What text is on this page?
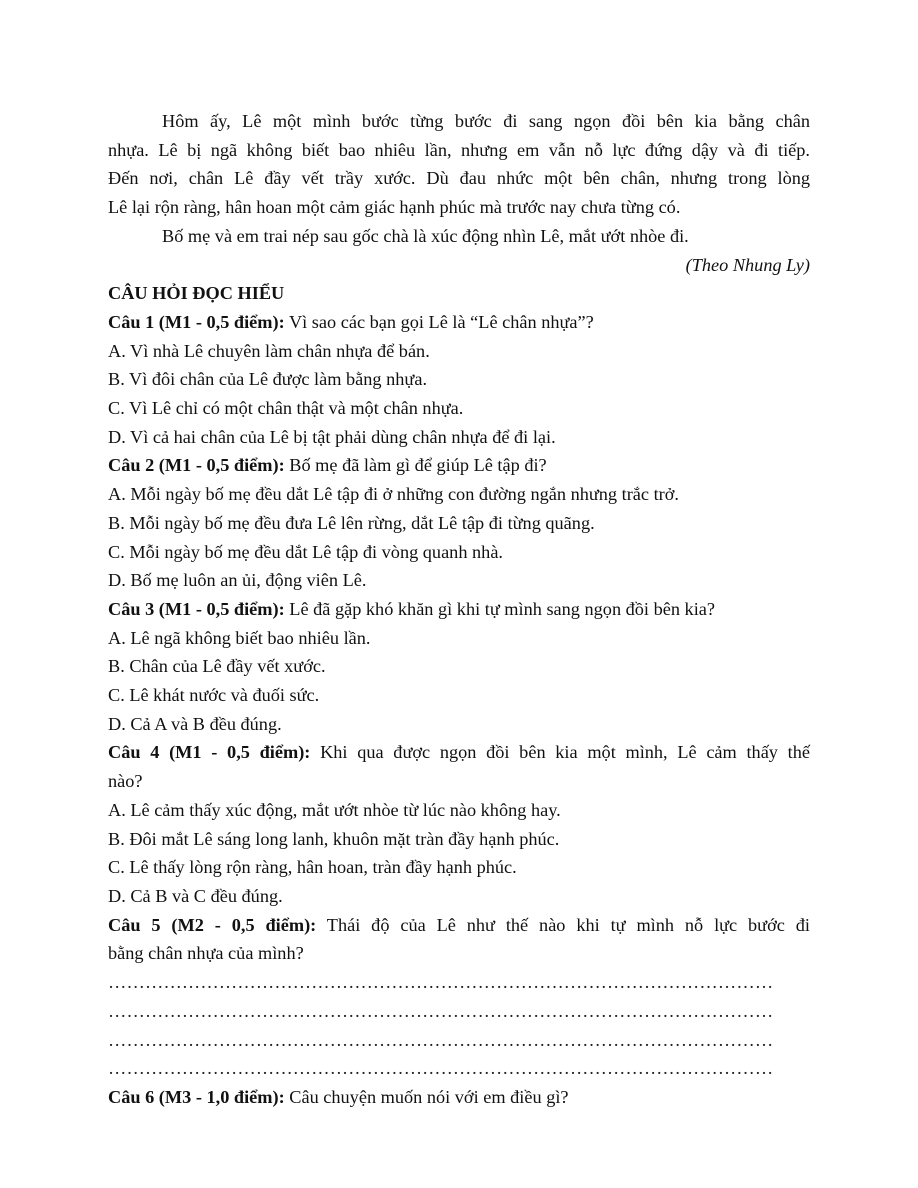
Hôm ấy, Lê một mình bước từng bước đi sang ngọn đồi bên kia bằng chân
nhựa. Lê bị ngã không biết bao nhiêu lần, nhưng em vẫn nỗ lực đứng dậy và đi tiếp.
Đến nơi, chân Lê đầy vết trầy xước. Dù đau nhức một bên chân, nhưng trong lòng
Lê lại rộn ràng, hân hoan một cảm giác hạnh phúc mà trước nay chưa từng có.
Bố mẹ và em trai nép sau gốc chà là xúc động nhìn Lê, mắt ướt nhòe đi.
(Theo Nhung Ly)
CÂU HỎI ĐỌC HIỂU
Câu 1 (M1 - 0,5 điểm): Vì sao các bạn gọi Lê là “Lê chân nhựa”?
A. Vì nhà Lê chuyên làm chân nhựa để bán.
B. Vì đôi chân của Lê được làm bằng nhựa.
C. Vì Lê chỉ có một chân thật và một chân nhựa.
D. Vì cả hai chân của Lê bị tật phải dùng chân nhựa để đi lại.
Câu 2 (M1 - 0,5 điểm): Bố mẹ đã làm gì để giúp Lê tập đi?
A. Mỗi ngày bố mẹ đều dắt Lê tập đi ở những con đường ngắn nhưng trắc trở.
B. Mỗi ngày bố mẹ đều đưa Lê lên rừng, dắt Lê tập đi từng quãng.
C. Mỗi ngày bố mẹ đều dắt Lê tập đi vòng quanh nhà.
D. Bố mẹ luôn an ủi, động viên Lê.
Câu 3 (M1 - 0,5 điểm): Lê đã gặp khó khăn gì khi tự mình sang ngọn đồi bên kia?
A. Lê ngã không biết bao nhiêu lần.
B. Chân của Lê đầy vết xước.
C. Lê khát nước và đuối sức.
D. Cả A và B đều đúng.
Câu 4 (M1 - 0,5 điểm): Khi qua được ngọn đồi bên kia một mình, Lê cảm thấy thế
nào?
A. Lê cảm thấy xúc động, mắt ướt nhòe từ lúc nào không hay.
B. Đôi mắt Lê sáng long lanh, khuôn mặt tràn đầy hạnh phúc.
C. Lê thấy lòng rộn ràng, hân hoan, tràn đầy hạnh phúc.
D. Cả B và C đều đúng.
Câu 5 (M2 - 0,5 điểm): Thái độ của Lê như thế nào khi tự mình nỗ lực bước đi
bằng chân nhựa của mình?
………………………………………………………………………………………………
………………………………………………………………………………………………
………………………………………………………………………………………………
………………………………………………………………………………………………
Câu 6 (M3 - 1,0 điểm): Câu chuyện muốn nói với em điều gì?
